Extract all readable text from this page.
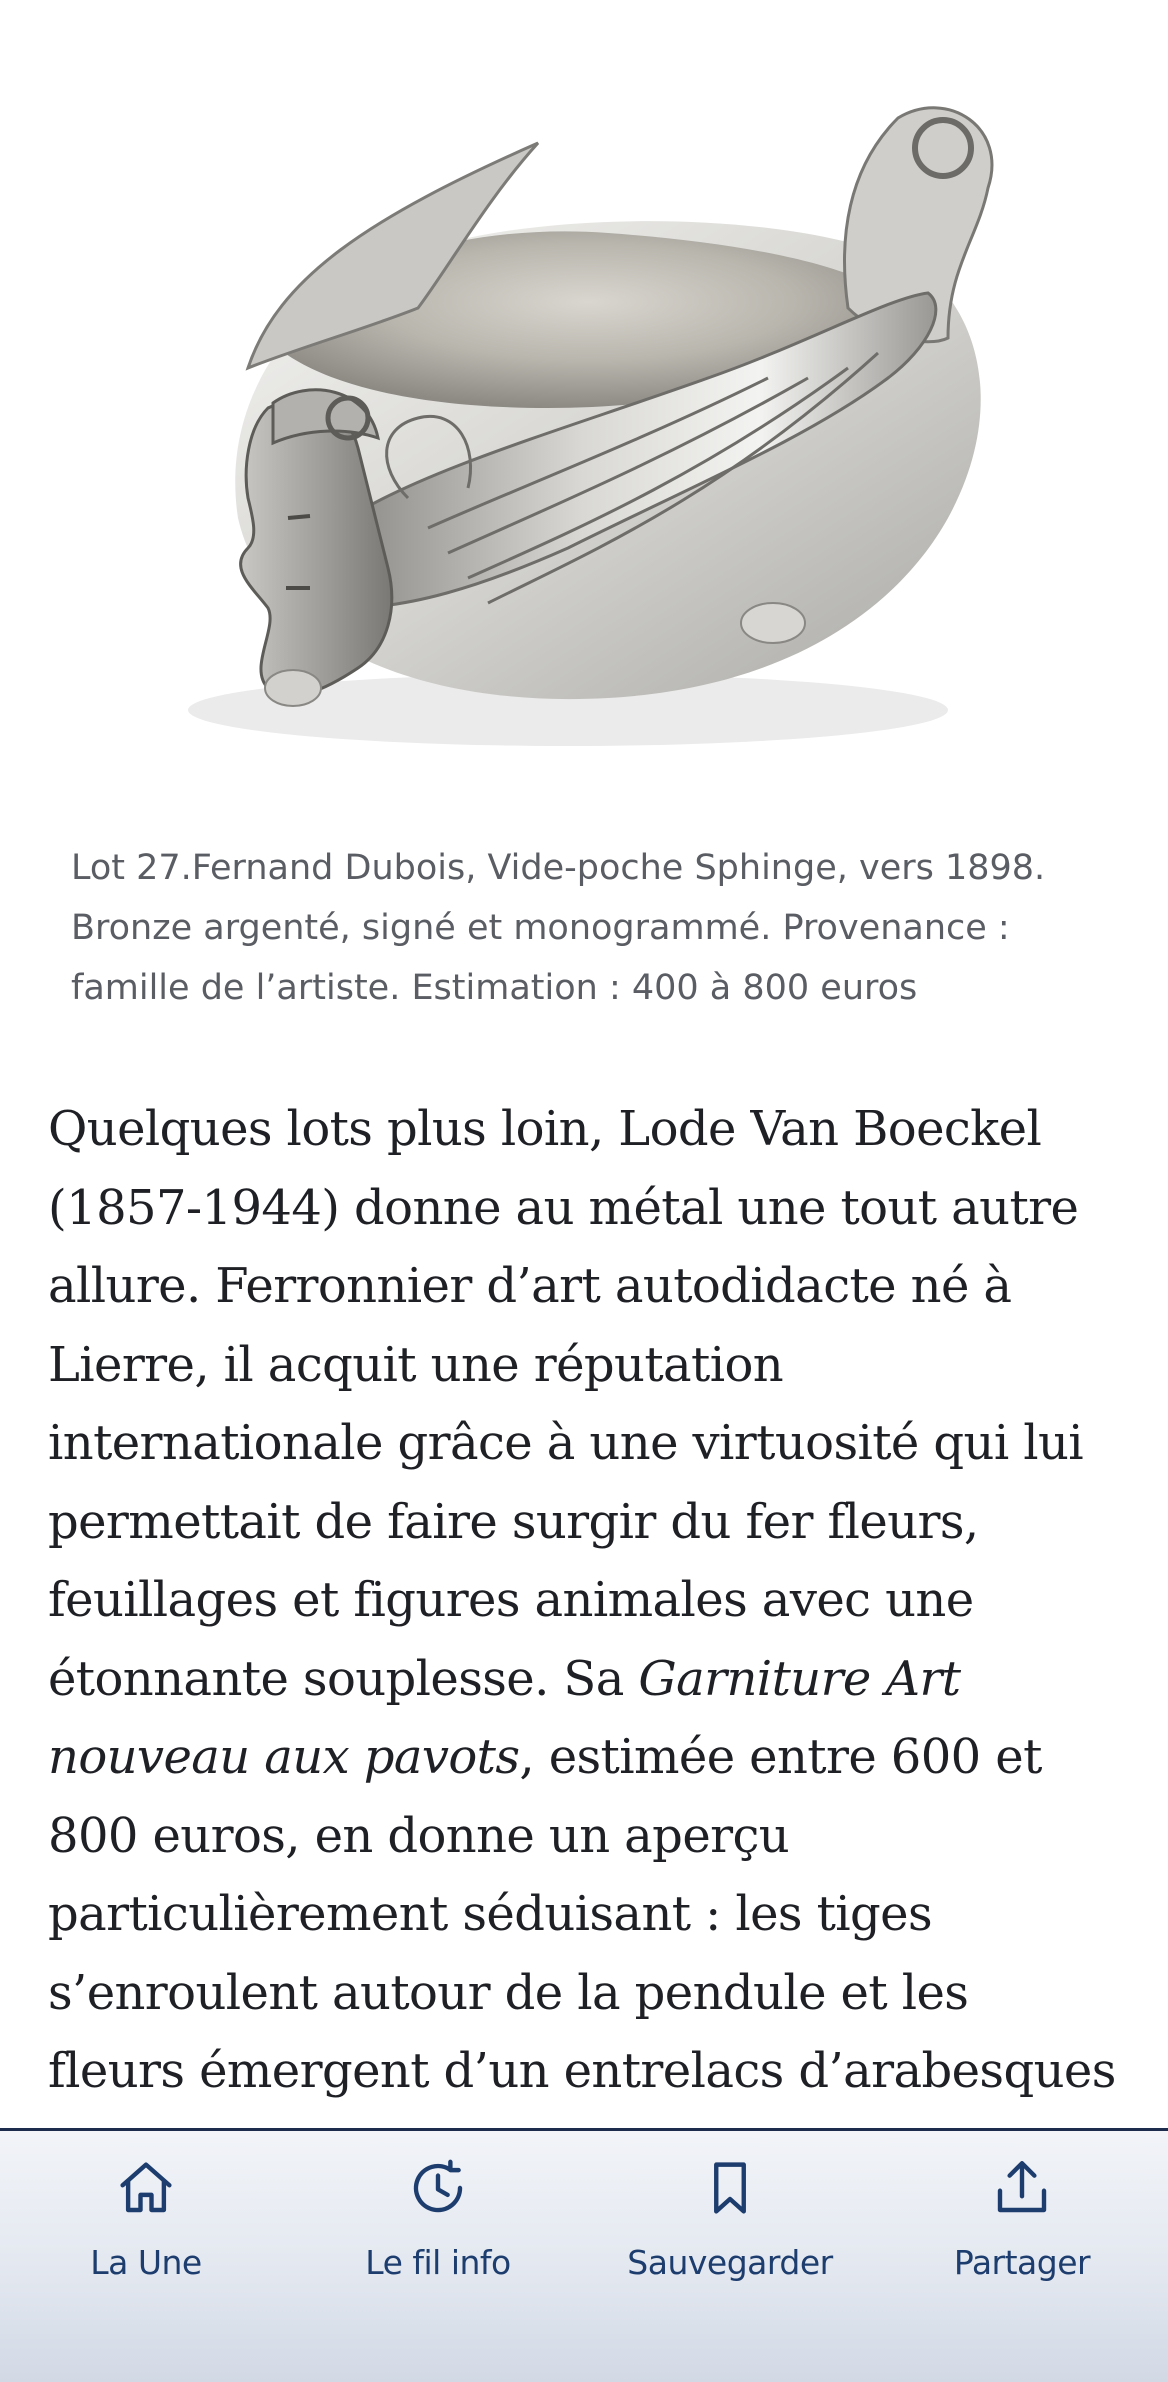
Lot 27.Fernand Dubois, Vide-poche Sphinge, vers 1898.
Bronze argenté, signé et monogrammé. Provenance :
famille de l’artiste. Estimation : 400 à 800 euros
Quelques lots plus loin, Lode Van Boeckel
(1857-1944) donne au métal une tout autre
allure. Ferronnier d’art autodidacte né à
Lierre, il acquit une réputation
internationale grâce à une virtuosité qui lui
permettait de faire surgir du fer fleurs,
feuillages et figures animales avec une
étonnante souplesse. Sa Garniture Art
nouveau aux pavots, estimée entre 600 et
800 euros, en donne un aperçu
particulièrement séduisant : les tiges
s’enroulent autour de la pendule et les
fleurs émergent d’un entrelacs d’arabesques
La Une	Le fil info	Sauvegarder	Partager
